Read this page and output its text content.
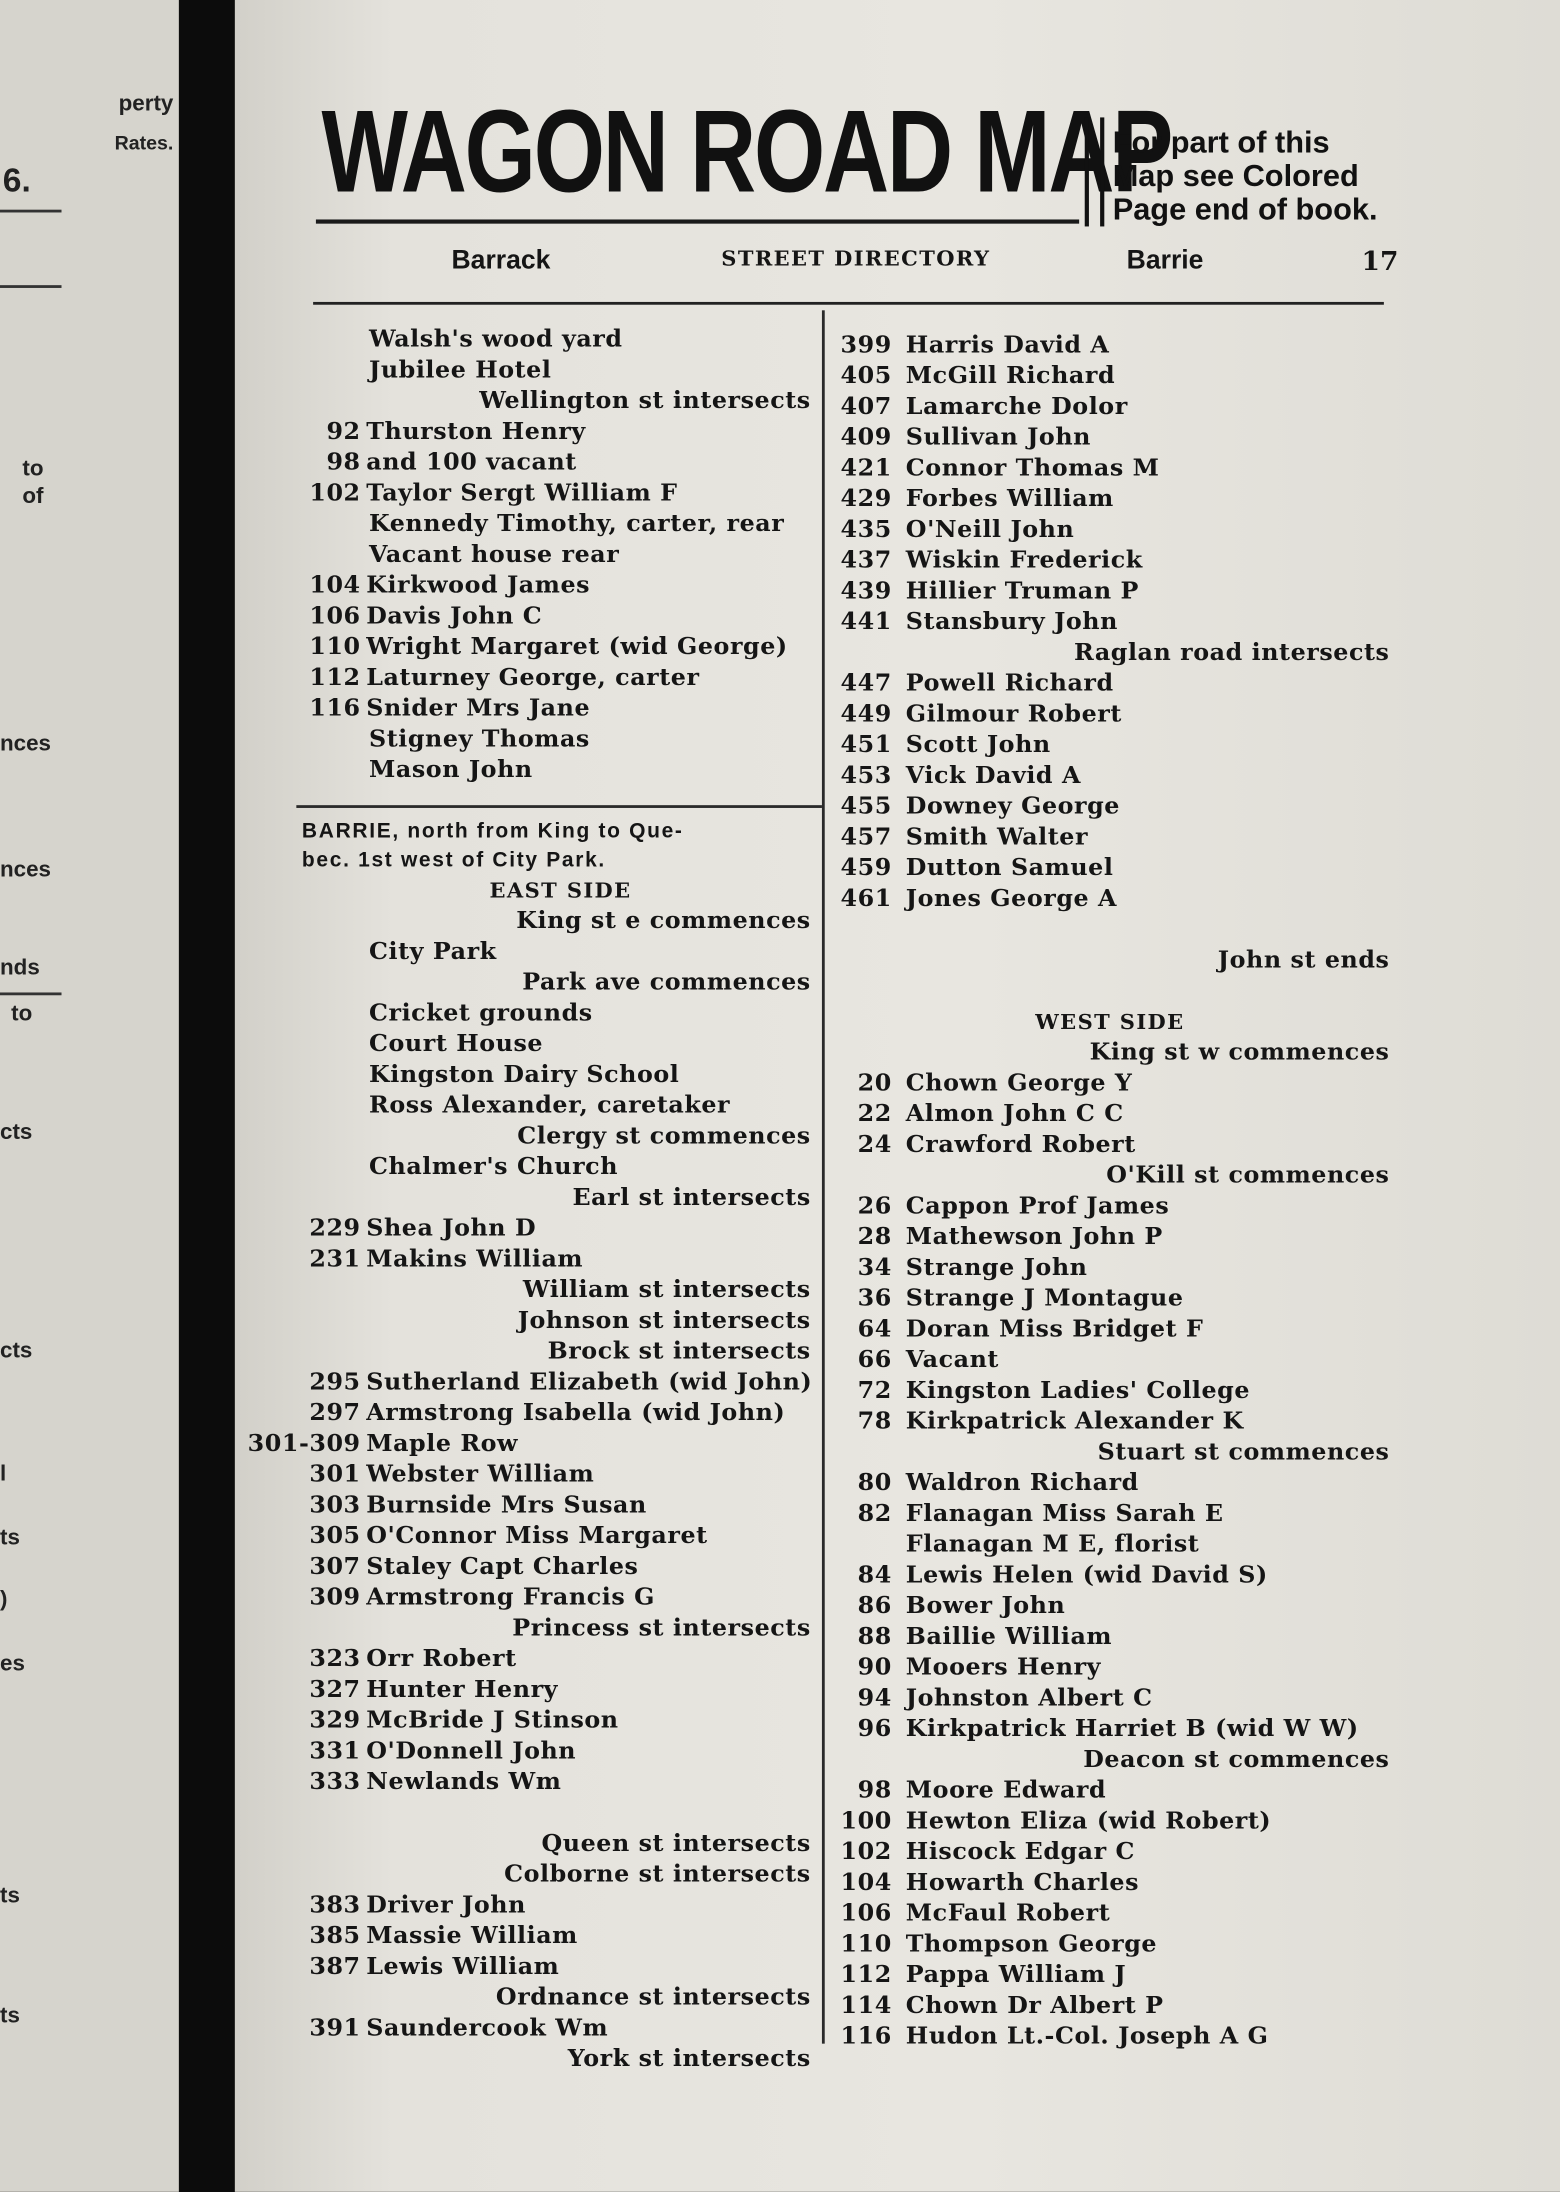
perty
Rates.
6.
to
of
nces
nces
nds
to
cts
cts
l
ts
)
es
ts
ts
WAGON ROAD MAP
For part of this
Map see Colored
Page end of book.
Barrack	STREET DIRECTORY	Barrie	17
Walsh's wood yard
Jubilee Hotel
Wellington st intersects
92 Thurston Henry
98 and 100 vacant
102 Taylor Sergt William F
Kennedy Timothy, carter, rear
Vacant house rear
104 Kirkwood James
106 Davis John C
110 Wright Margaret (wid George)
112 Laturney George, carter
116 Snider Mrs Jane
Stigney Thomas
Mason John
BARRIE, north from King to Que-
bec. 1st west of City Park.
EAST SIDE
King st e commences
City Park
Park ave commences
Cricket grounds
Court House
Kingston Dairy School
Ross Alexander, caretaker
Clergy st commences
Chalmer's Church
Earl st intersects
229 Shea John D
231 Makins William
William st intersects
Johnson st intersects
Brock st intersects
295 Sutherland Elizabeth (wid John)
297 Armstrong Isabella (wid John)
301-309 Maple Row
301 Webster William
303 Burnside Mrs Susan
305 O'Connor Miss Margaret
307 Staley Capt Charles
309 Armstrong Francis G
Princess st intersects
323 Orr Robert
327 Hunter Henry
329 McBride J Stinson
331 O'Donnell John
333 Newlands Wm
Queen st intersects
Colborne st intersects
383 Driver John
385 Massie William
387 Lewis William
Ordnance st intersects
391 Saundercook Wm
York st intersects
399 Harris David A
405 McGill Richard
407 Lamarche Dolor
409 Sullivan John
421 Connor Thomas M
429 Forbes William
435 O'Neill John
437 Wiskin Frederick
439 Hillier Truman P
441 Stansbury John
Raglan road intersects
447 Powell Richard
449 Gilmour Robert
451 Scott John
453 Vick David A
455 Downey George
457 Smith Walter
459 Dutton Samuel
461 Jones George A
John st ends
WEST SIDE
King st w commences
20 Chown George Y
22 Almon John C C
24 Crawford Robert
O'Kill st commences
26 Cappon Prof James
28 Mathewson John P
34 Strange John
36 Strange J Montague
64 Doran Miss Bridget F
66 Vacant
72 Kingston Ladies' College
78 Kirkpatrick Alexander K
Stuart st commences
80 Waldron Richard
82 Flanagan Miss Sarah E
Flanagan M E, florist
84 Lewis Helen (wid David S)
86 Bower John
88 Baillie William
90 Mooers Henry
94 Johnston Albert C
96 Kirkpatrick Harriet B (wid W W)
Deacon st commences
98 Moore Edward
100 Hewton Eliza (wid Robert)
102 Hiscock Edgar C
104 Howarth Charles
106 McFaul Robert
110 Thompson George
112 Pappa William J
114 Chown Dr Albert P
116 Hudon Lt.-Col. Joseph A G
